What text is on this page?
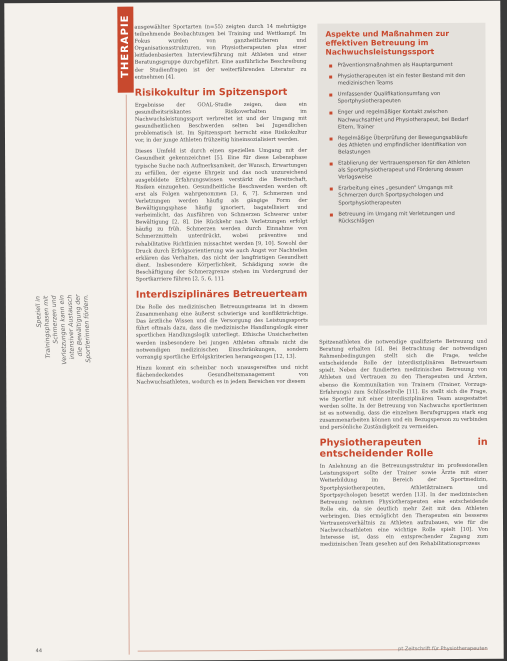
THERAPIE
Speziell in Trainingsphasen mit Schmerzen und Verletzungen kann ein intensiver Austausch die Bewältigung der Sportlerinnen fördern.

ausgewählter Sportarten (n=55) zeigten durch 14 mehrtägige teilnehmende Beobachtungen bei Training und Wettkampf. Im Fokus wurden von ganzheitlicheren und Organisationsstrukturen, von Physiotherapeuten plus einer leitfadenbasierten Interviewführung mit Athleten und einer Beratungsgruppe durchgeführt. Eine ausführliche Beschreibung der Studienfragen ist der weiterführenden Literatur zu entnehmen [4].

Risikokultur im Spitzensport

Ergebnisse der GOAL-Studie zeigen, dass ein gesundheitsriskantes Risikoverhalten im Nachwuchsleistungssport verbreitet ist und der Umgang mit gesundheitlichen Beschwerden selten bei Jugendlichen problematisch ist. Im Spitzensport herrscht eine Risikokultur vor, in der junge Athleten frühzeitig hineinsozialisiert werden.

Dieses Umfeld ist durch einen speziellen Umgang mit der Gesundheit gekennzeichnet [5]. Eine für diese Lebensphase typische Suche nach Aufmerksamkeit, der Wunsch, Erwartungen zu erfüllen, der eigene Ehrgeiz und das noch unzureichend ausgebildete Erfahrungswissen verstärkt die Bereitschaft, Risiken einzugehen. Gesundheitliche Beschwerden werden oft erst als Folgen wahrgenommen [3, 6, 7]. Schmerzen und Verletzungen werden häufig als gängige Form der Bewältigungsphase häufig ignoriert, bagatellisiert und verheimlicht, das Ausführen von Schmerzen Schwerer unter Bewältigung [2, 8]. Die Rückkehr nach Verletzungen erfolgt häufig zu früh. Schmerzen werden durch Einnahme von Schmerzmitteln unterdrückt, wobei präventive und rehabilitative Richtlinien missachtet werden [9, 10]. Sowohl der Druck durch Erfolgsorientierung wie auch Angst vor Nachteilen erklären das Verhalten, das nicht der langfristigen Gesundheit dient. Insbesondere Körperlichkeit, Schädigung sowie die Beschäftigung der Schmerzgrenze stehen im Vordergrund der Sportkarriere führen [2, 5, 6, 11].

Interdisziplinäres Betreuerteam

Die Rolle des medizinischen Betreuungsteams ist in diesem Zusammenhang eine äußerst schwierige und konfliktträchtige. Das ärztliche Wissen und die Versorgung des Leistungssports führt oftmals dazu, dass die medizinische Handlungslogik einer sportlichen Handlungslogik unterliegt. Ethische Unsicherheiten werden insbesondere bei jungen Athleten oftmals nicht die notwendigen medizinischen Einschränkungen, sondern vorrangig sportliche Erfolgskriterien herangezogen [12, 13].

Hinzu kommt ein scheinbar noch unausgereiftes und nicht flächendeckendes Gesundheitsmanagement von Nachwuchsathleten, wodurch es in jedem Bereichen vor diesem

Aspekte und Maßnahmen zur effektiven Betreuung im Nachwuchsleistungssport
▪ Präventionsmaßnahmen als Hauptargument
▪ Physiotherapeuten ist ein fester Bestand mit den medizinischen Teams
▪ Umfassender Qualifikationsumfang von Sportphysiotherapeuten
▪ Enger und regelmäßiger Kontakt zwischen Nachwuchsathlet und Physiotherapeut, bei Bedarf Eltern, Trainer
▪ Regelmäßige Überprüfung der Bewegungsabläufe des Athleten und empfindlicher Identifikation von Belastungen
▪ Etablierung der Vertrauensperson für den Athleten als Sportphysiotherapeut und Förderung dessen Verlagsweise
▪ Erarbeitung eines „gesunden“ Umgangs mit Schmerzen durch Sportpsychologen und Sportphysiotherapeuten
▪ Betreuung im Umgang mit Verletzungen und Rückschlägen

Spitzenathleten die notwendige qualifizierte Betreuung und Beratung erhalten [4]. Bei Betrachtung der notwendigen Rahmenbedingungen stellt sich die Frage, welche entscheidende Rolle der interdisziplinären Betreuerteam spielt. Neben der fundierten medizinischen Betreuung von Athleten und Vertrauen zu den Therapeuten und Ärzten, ebenso die Kommunikation von Trainern (Trainer, Vorzugs-Erfahrungs) zum Schlüsselrolle [11]. Es stellt sich die Frage, wie Sportler mit einer interdisziplinären Team ausgestattet werden sollte. In der Betreuung von Nachwuchs sportlerinnen ist es notwendig, dass die einzelnen Berufsgruppen stark eng zusammenarbeiten können und ein Bezugsperson zu verbinden und persönliche Zuständigkeit zu vermeiden.

Physiotherapeuten in entscheidender Rolle

In Anlehnung an die Betreuungsstruktur im professionellen Leistungssport sollte der Trainer sowie Ärzte mit einer Weiterbildung im Bereich der Sportmedizin, Sportphysiotherapeuten, Athletiktrainern und Sportpsychologen besetzt werden [13]. In der medizinischen Betreuung nehmen Physiotherapeuten eine entscheidende Rolle ein, da sie deutlich mehr Zeit mit den Athleten verbringen. Dies ermöglicht den Therapeuten ein besseres Vertrauensverhältnis zu Athleten aufzubauen, wie für die Nachwuchsathleten eine wichtige Rolle spielt [10]. Von Interesse ist, dass ein entsprechender Zugang zum medizinischen Team gesehen auf den Rehabilitationsprozess

44	pt Zeitschrift für Physiotherapeuten
